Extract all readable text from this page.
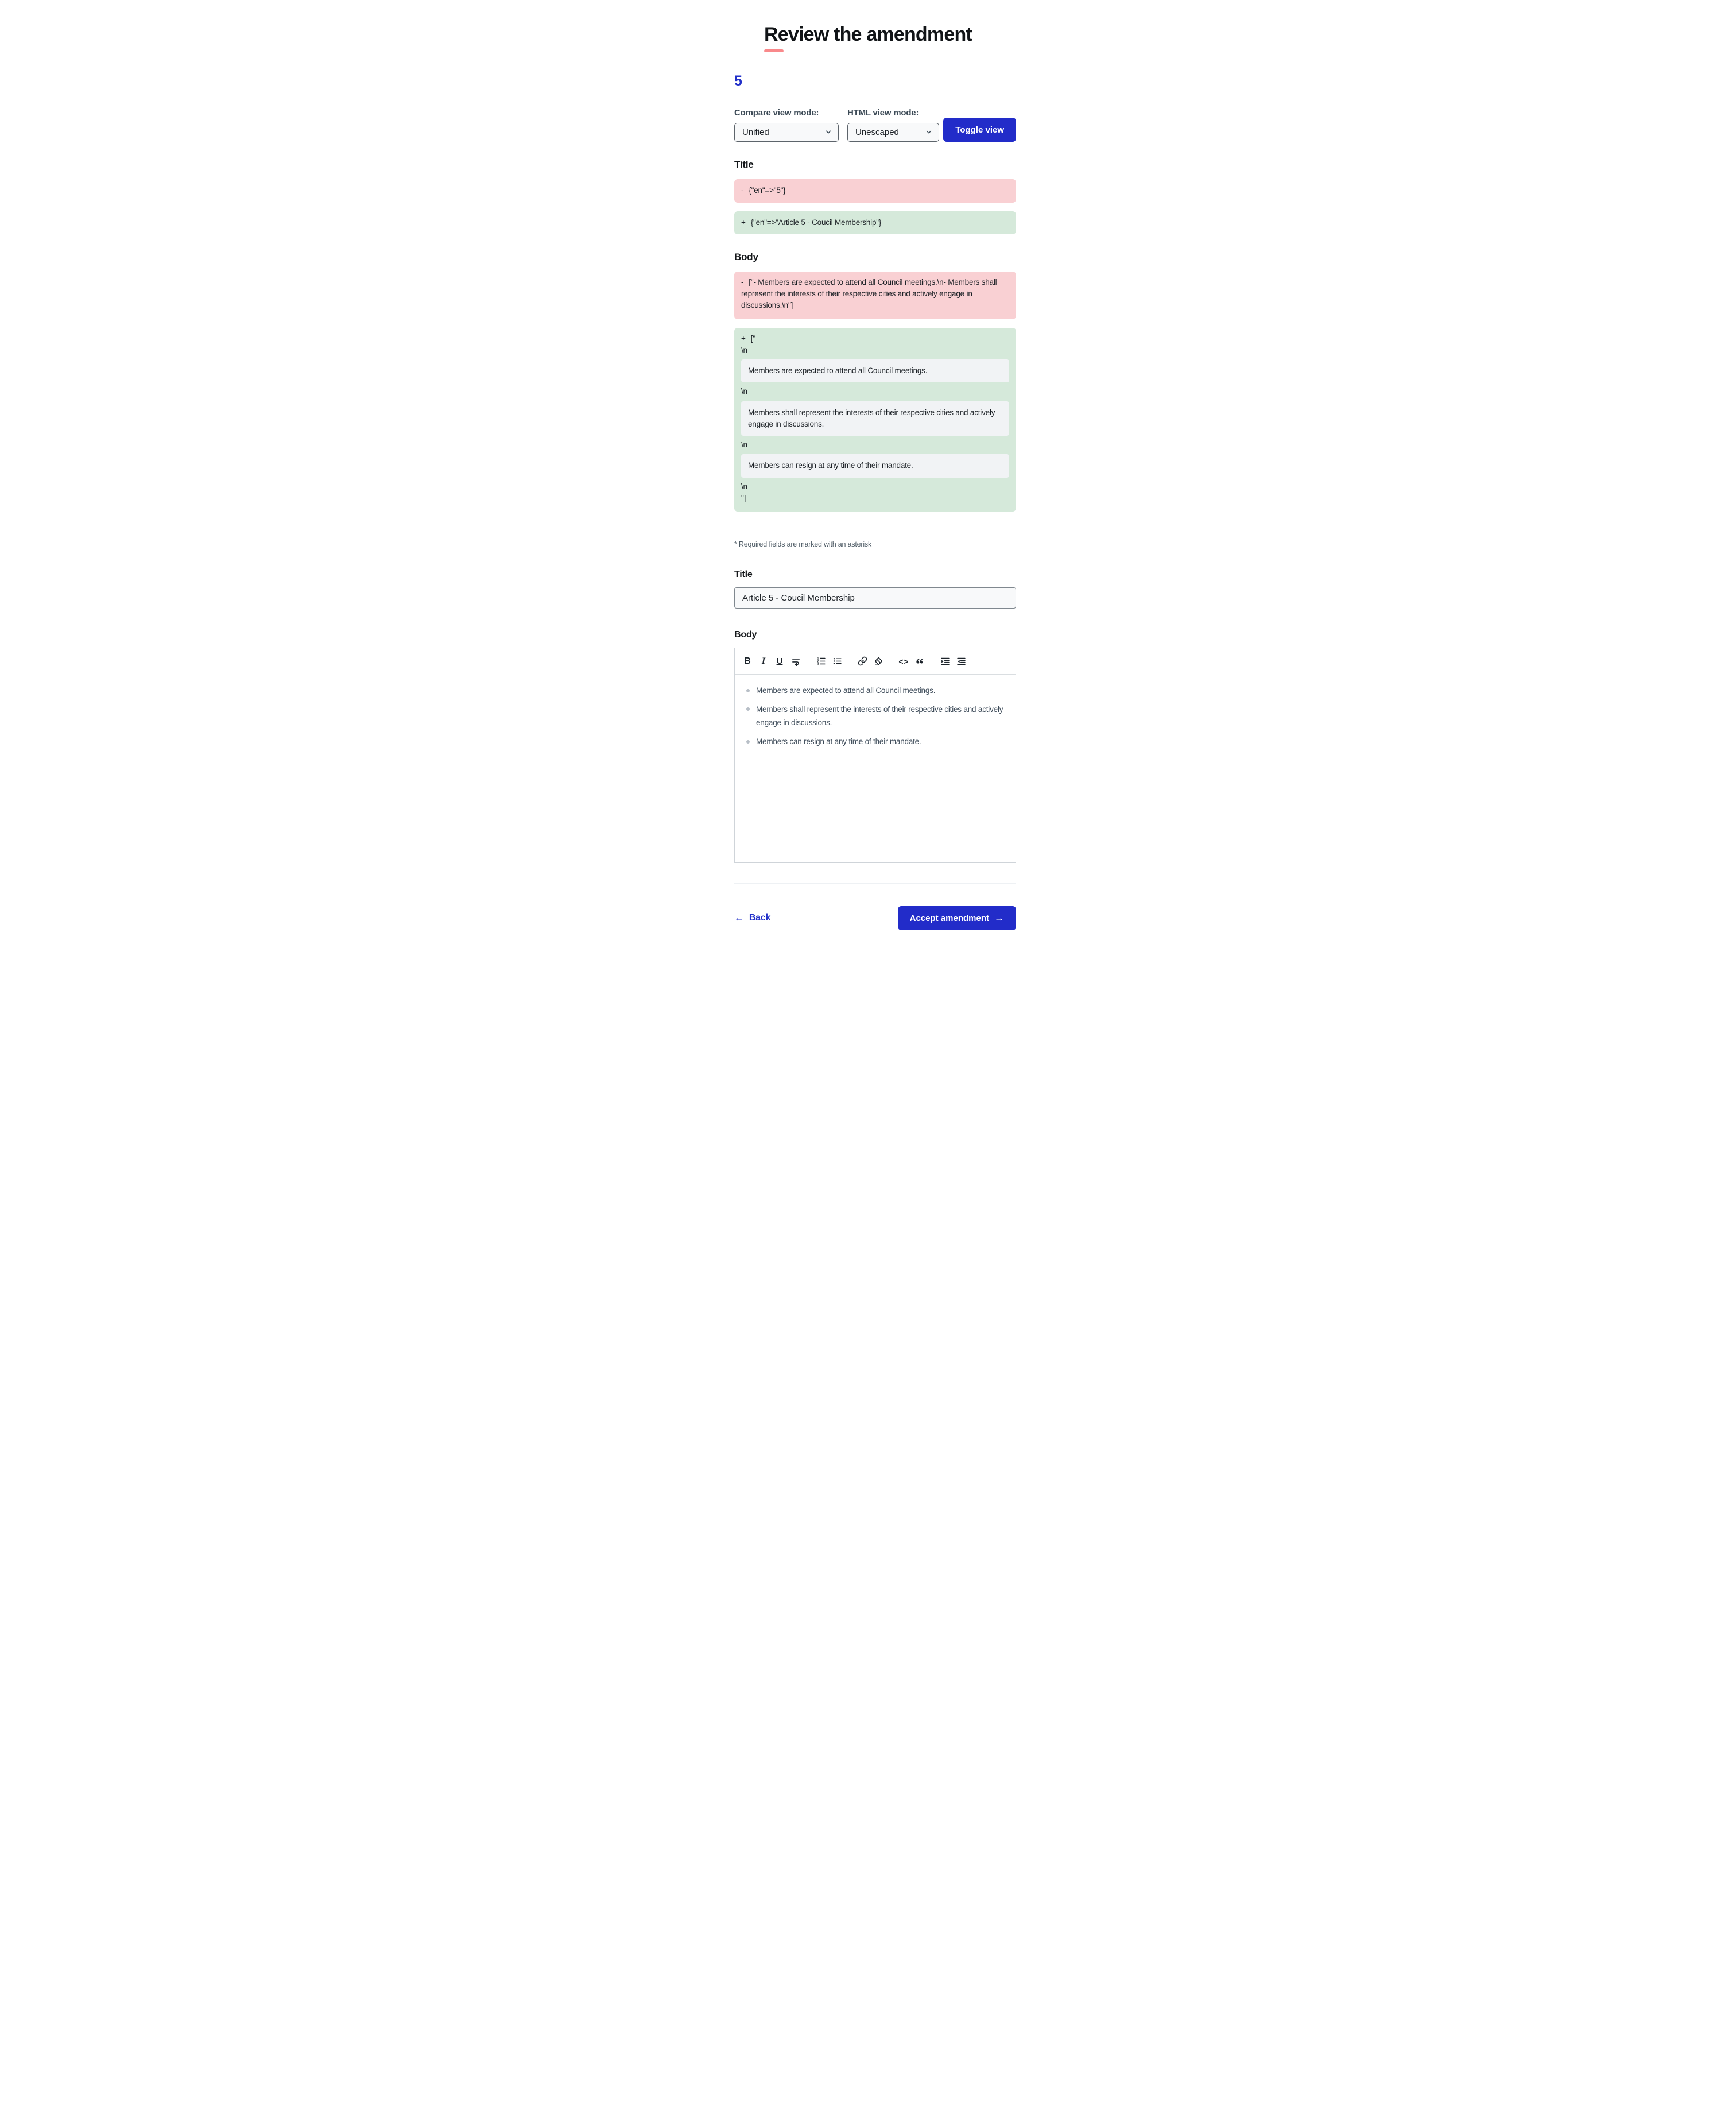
Review the amendment
5
Compare view mode:
Unified	HTML view mode:
Unescaped
Toggle view
Title
- {"en"=>"5"}
+ {"en"=>"Article 5 - Coucil Membership"}
Body
- ["- Members are expected to attend all Council meetings.\n- Members shall represent the interests of their respective cities and actively engage in discussions.\n"]
+ ["
\n
Members are expected to attend all Council meetings.
\n
Members shall represent the interests of their respective cities and actively engage in discussions.
\n
Members can resign at any time of their mandate.
\n
"]
* Required fields are marked with an asterisk
Title
Article 5 - Coucil Membership
Body
B I U	1
2
3	<> “
Members are expected to attend all Council meetings.
Members shall represent the interests of their respective cities and actively engage in discussions.
Members can resign at any time of their mandate.
← Back	Accept amendment →
